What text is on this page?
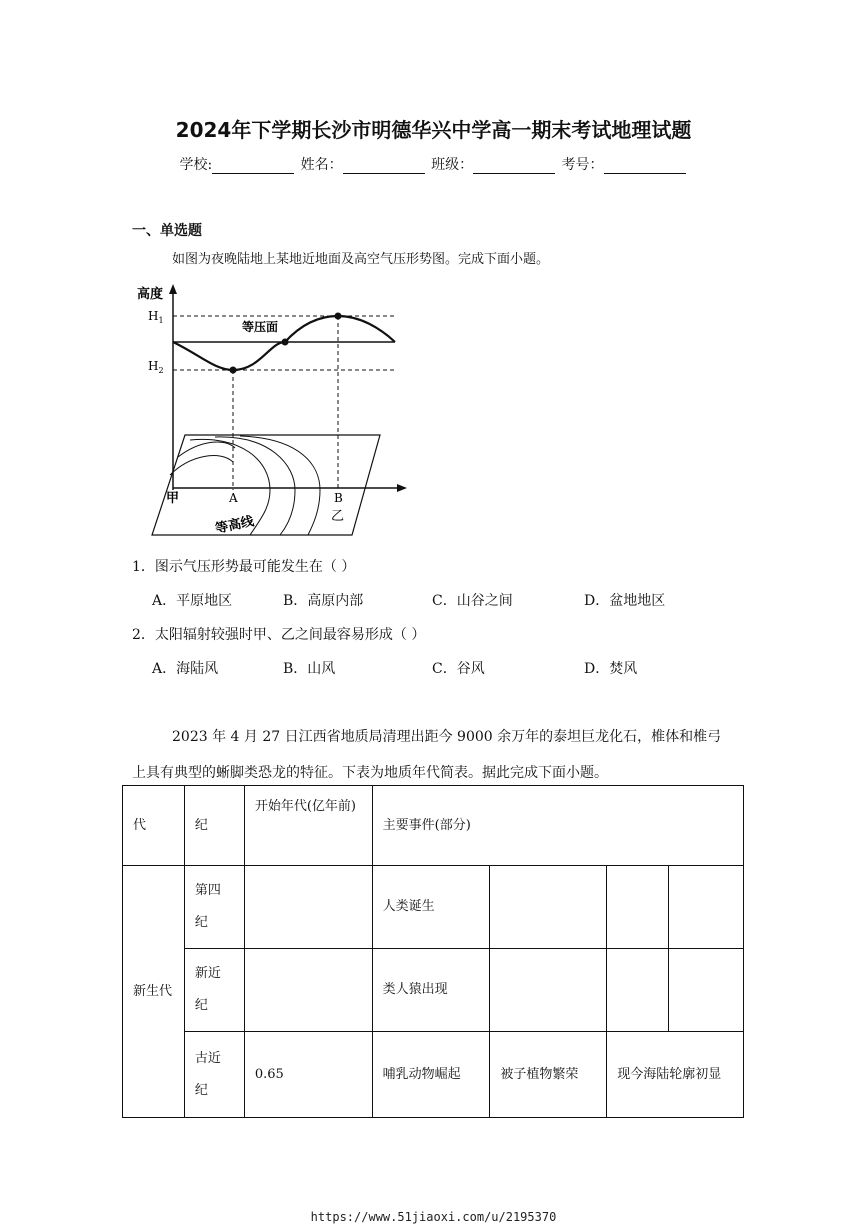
2024年下学期长沙市明德华兴中学高一期末考试地理试题
学校:	姓名：	班级：	考号：
一、单选题
如图为夜晚陆地上某地近地面及高空气压形势图。完成下面小题。
高度
$H_1$
$H_2$
等压面
甲	A	B
乙
等高线
1．图示气压形势最可能发生在（ ）
A．平原地区	B．高原内部	C．山谷之间	D．盆地地区
2．太阳辐射较强时甲、乙之间最容易形成（ ）
A．海陆风	B．山风	C．谷风	D．焚风
2023 年 4 月 27 日江西省地质局清理出距今 9000 余万年的泰坦巨龙化石，椎体和椎弓
上具有典型的蜥脚类恐龙的特征。下表为地质年代简表。据此完成下面小题。
代	纪	开始年代(亿年前)	主要事件(部分)			
新生代	第四纪		人类诞生			
	新近纪		类人猿出现			
	古近纪	0.65	哺乳动物崛起	被子植物繁荣	现今海陆轮廓初显	
https://www.51jiaoxi.com/u/2195370
